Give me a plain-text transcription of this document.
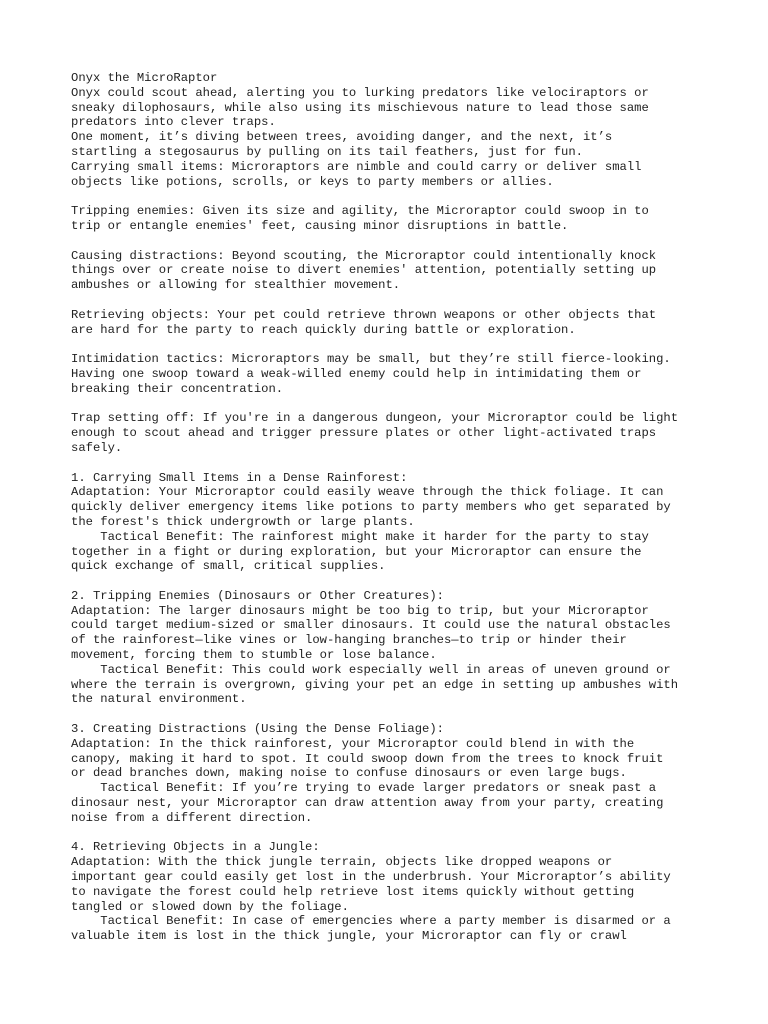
Onyx the MicroRaptor
Onyx could scout ahead, alerting you to lurking predators like velociraptors or
sneaky dilophosaurs, while also using its mischievous nature to lead those same
predators into clever traps.
One moment, it’s diving between trees, avoiding danger, and the next, it’s
startling a stegosaurus by pulling on its tail feathers, just for fun.
Carrying small items: Microraptors are nimble and could carry or deliver small
objects like potions, scrolls, or keys to party members or allies.
Tripping enemies: Given its size and agility, the Microraptor could swoop in to
trip or entangle enemies' feet, causing minor disruptions in battle.
Causing distractions: Beyond scouting, the Microraptor could intentionally knock
things over or create noise to divert enemies' attention, potentially setting up
ambushes or allowing for stealthier movement.
Retrieving objects: Your pet could retrieve thrown weapons or other objects that
are hard for the party to reach quickly during battle or exploration.
Intimidation tactics: Microraptors may be small, but they’re still fierce-looking.
Having one swoop toward a weak-willed enemy could help in intimidating them or
breaking their concentration.
Trap setting off: If you're in a dangerous dungeon, your Microraptor could be light
enough to scout ahead and trigger pressure plates or other light-activated traps
safely.
1. Carrying Small Items in a Dense Rainforest:
Adaptation: Your Microraptor could easily weave through the thick foliage. It can
quickly deliver emergency items like potions to party members who get separated by
the forest's thick undergrowth or large plants.
Tactical Benefit: The rainforest might make it harder for the party to stay
together in a fight or during exploration, but your Microraptor can ensure the
quick exchange of small, critical supplies.
2. Tripping Enemies (Dinosaurs or Other Creatures):
Adaptation: The larger dinosaurs might be too big to trip, but your Microraptor
could target medium-sized or smaller dinosaurs. It could use the natural obstacles
of the rainforest—like vines or low-hanging branches—to trip or hinder their
movement, forcing them to stumble or lose balance.
Tactical Benefit: This could work especially well in areas of uneven ground or
where the terrain is overgrown, giving your pet an edge in setting up ambushes with
the natural environment.
3. Creating Distractions (Using the Dense Foliage):
Adaptation: In the thick rainforest, your Microraptor could blend in with the
canopy, making it hard to spot. It could swoop down from the trees to knock fruit
or dead branches down, making noise to confuse dinosaurs or even large bugs.
Tactical Benefit: If you’re trying to evade larger predators or sneak past a
dinosaur nest, your Microraptor can draw attention away from your party, creating
noise from a different direction.
4. Retrieving Objects in a Jungle:
Adaptation: With the thick jungle terrain, objects like dropped weapons or
important gear could easily get lost in the underbrush. Your Microraptor’s ability
to navigate the forest could help retrieve lost items quickly without getting
tangled or slowed down by the foliage.
Tactical Benefit: In case of emergencies where a party member is disarmed or a
valuable item is lost in the thick jungle, your Microraptor can fly or crawl
